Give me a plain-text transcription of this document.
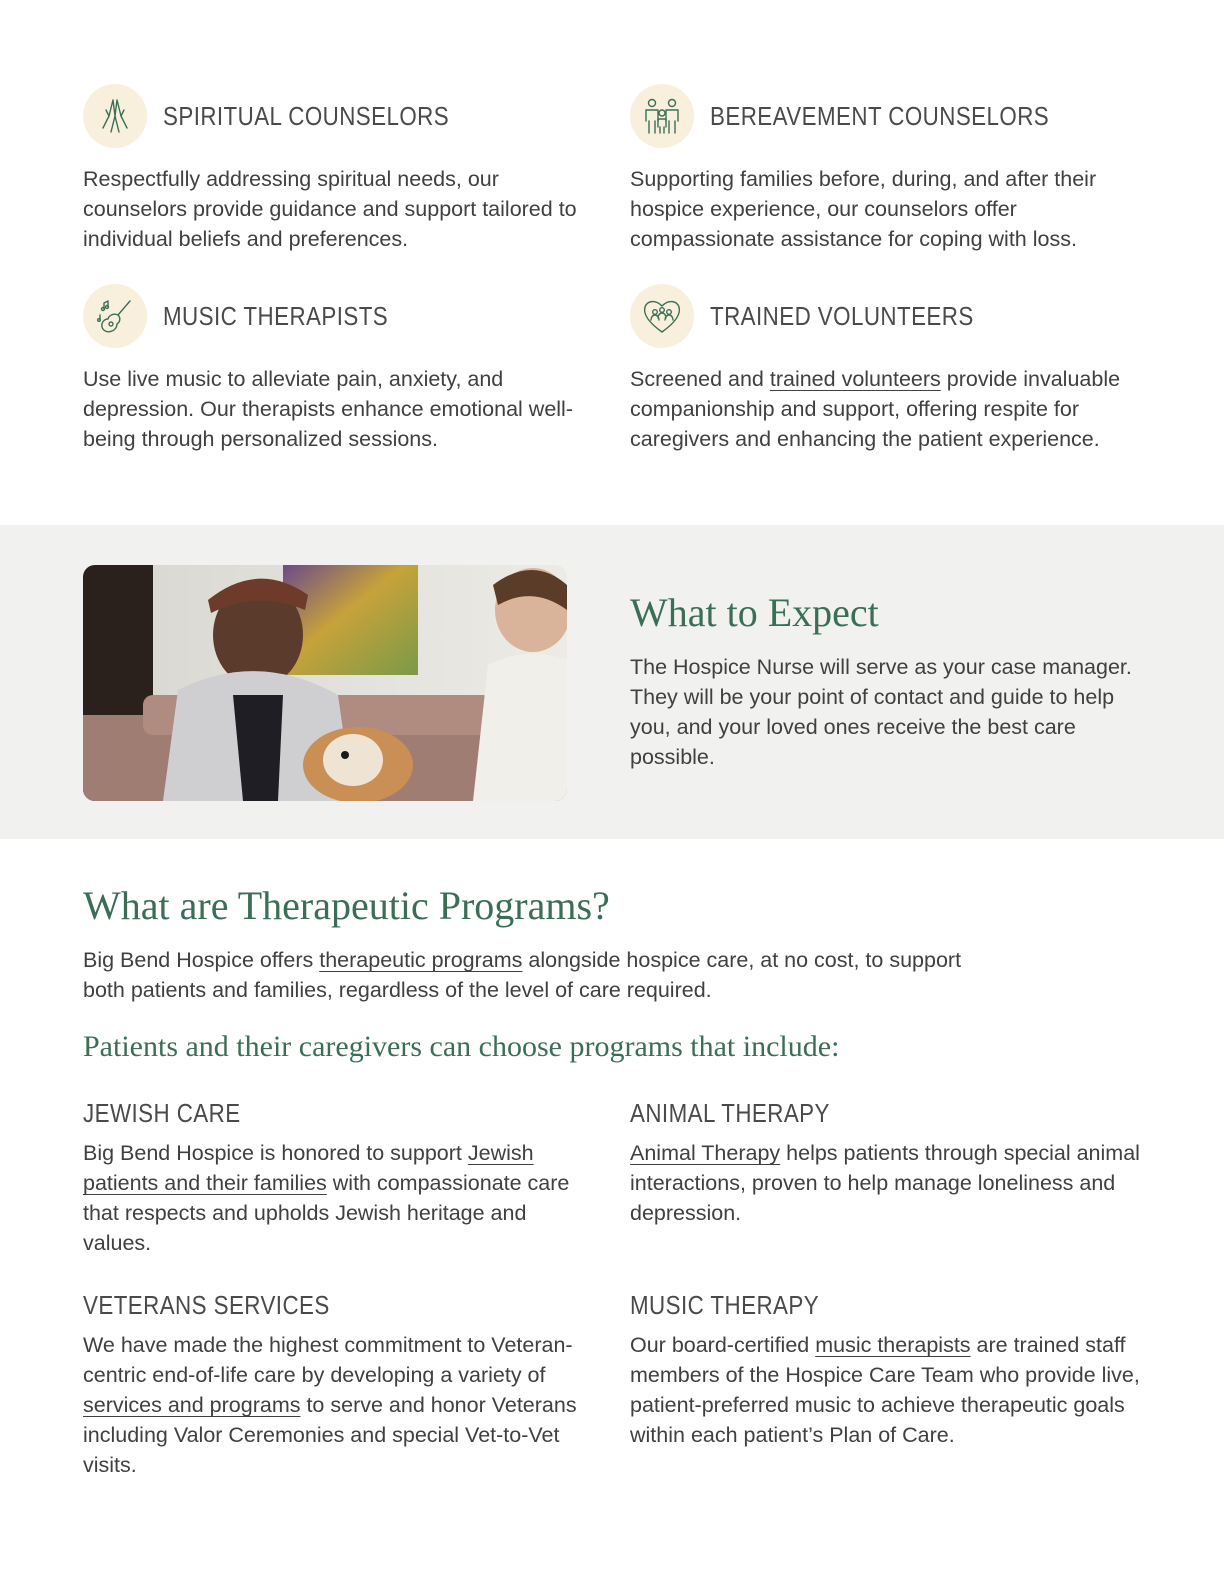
SPIRITUAL COUNSELORS

Respectfully addressing spiritual needs, our counselors provide guidance and support tailored to individual beliefs and preferences.

BEREAVEMENT COUNSELORS

Supporting families before, during, and after their hospice experience, our counselors offer compassionate assistance for coping with loss.

MUSIC THERAPISTS

Use live music to alleviate pain, anxiety, and depression. Our therapists enhance emotional well-being through personalized sessions.

TRAINED VOLUNTEERS

Screened and trained volunteers provide invaluable companionship and support, offering respite for caregivers and enhancing the patient experience.

What to Expect

The Hospice Nurse will serve as your case manager. They will be your point of contact and guide to help you, and your loved ones receive the best care possible.

What are Therapeutic Programs?

Big Bend Hospice offers therapeutic programs alongside hospice care, at no cost, to support both patients and families, regardless of the level of care required.

Patients and their caregivers can choose programs that include:
JEWISH CARE

Big Bend Hospice is honored to support Jewish patients and their families with compassionate care that respects and upholds Jewish heritage and values.

ANIMAL THERAPY

Animal Therapy helps patients through special animal interactions, proven to help manage loneliness and depression.

VETERANS SERVICES

We have made the highest commitment to Veteran-centric end-of-life care by developing a variety of services and programs to serve and honor Veterans including Valor Ceremonies and special Vet-to-Vet visits.

MUSIC THERAPY

Our board-certified music therapists are trained staff members of the Hospice Care Team who provide live, patient-preferred music to achieve therapeutic goals within each patient’s Plan of Care.
